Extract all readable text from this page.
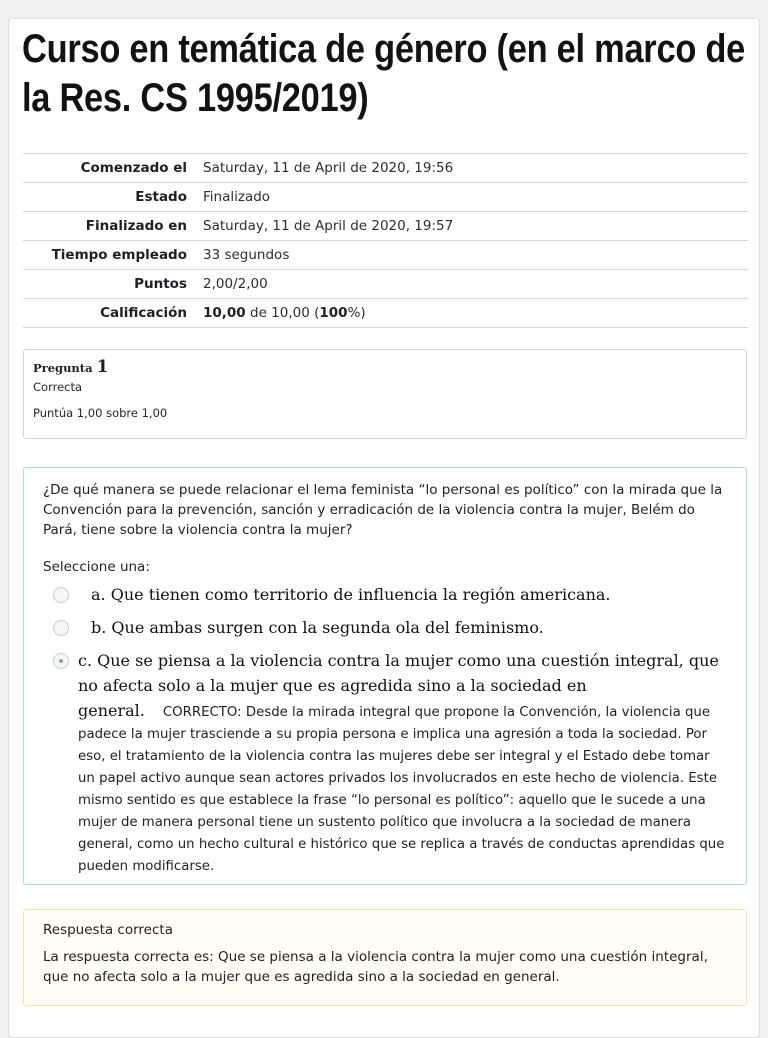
Curso en temática de género (en el marco de la Res. CS 1995/2019)
Comenzado el	Saturday, 11 de April de 2020, 19:56
Estado	Finalizado
Finalizado en	Saturday, 11 de April de 2020, 19:57
Tiempo empleado	33 segundos
Puntos	2,00/2,00
Calificación	10,00 de 10,00 (100%)
Pregunta 1
Correcta
Puntúa 1,00 sobre 1,00

¿De qué manera se puede relacionar el lema feminista “lo personal es político” con la mirada que la Convención para la prevención, sanción y erradicación de la violencia contra la mujer, Belém do Pará, tiene sobre la violencia contra la mujer?

Seleccione una:
a. Que tienen como territorio de influencia la región americana.
b. Que ambas surgen con la segunda ola del feminismo.
c. Que se piensa a la violencia contra la mujer como una cuestión integral, que no afecta solo a la mujer que es agredida sino a la sociedad en general. CORRECTO: Desde la mirada integral que propone la Convención, la violencia que padece la mujer trasciende a su propia persona e implica una agresión a toda la sociedad. Por eso, el tratamiento de la violencia contra las mujeres debe ser integral y el Estado debe tomar un papel activo aunque sean actores privados los involucrados en este hecho de violencia. Este mismo sentido es que establece la frase “lo personal es político”: aquello que le sucede a una mujer de manera personal tiene un sustento político que involucra a la sociedad de manera general, como un hecho cultural e histórico que se replica a través de conductas aprendidas que pueden modificarse.
Respuesta correcta
La respuesta correcta es: Que se piensa a la violencia contra la mujer como una cuestión integral, que no afecta solo a la mujer que es agredida sino a la sociedad en general.
